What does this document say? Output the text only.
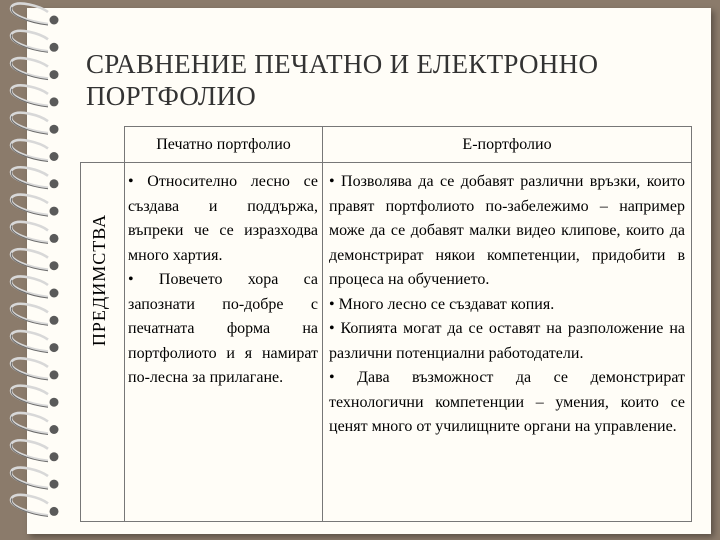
СРАВНЕНИЕ ПЕЧАТНО И ЕЛЕКТРОННО ПОРТФОЛИО
Печатно портфолио	Е-портфолио
ПРЕДИМСТВА

• Относително лесно се създава и поддържа, въпреки че се изразходва много хартия.

• Повечето хора са запознати по-добре с печатната форма на портфолиото и я намират по-лесна за прилагане.

• Позволява да се добавят различни връзки, които правят портфолиото по-забележимо – например може да се добавят малки видео клипове, които да демонстрират някои компетенции, придобити в процеса на обучението.

• Много лесно се създават копия.

• Копията могат да се оставят на разположение на различни потенциални работодатели.

• Дава възможност да се демонстрират технологични компетенции – умения, които се ценят много от училищните органи на управление.
